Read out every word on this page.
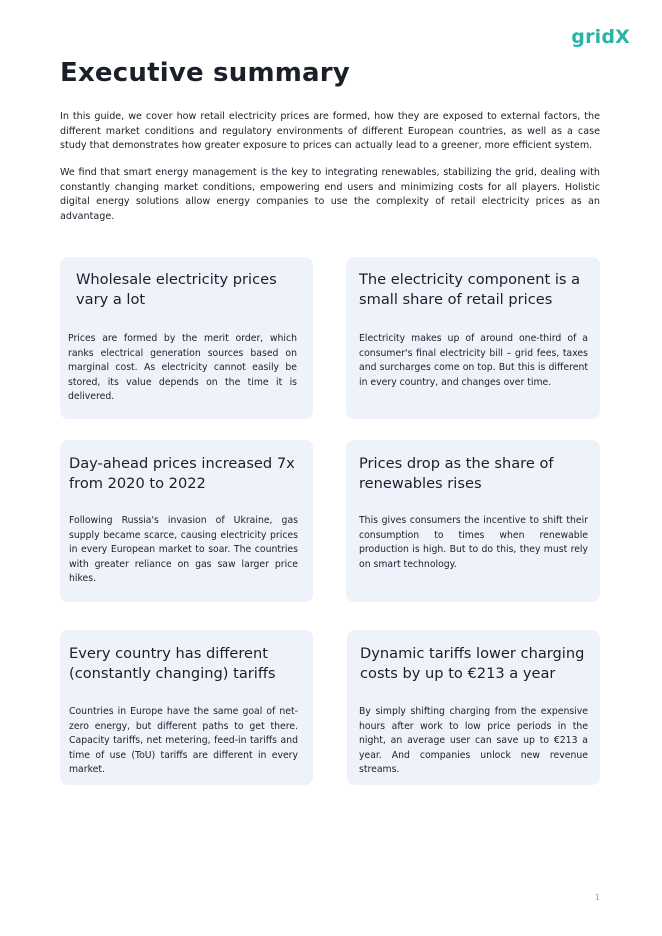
gridX
Executive summary

In this guide, we cover how retail electricity prices are formed, how they are exposed to external factors, the different market conditions and regulatory environments of different European countries, as well as a case study that demonstrates how greater exposure to prices can actually lead to a greener, more efficient system.

We find that smart energy management is the key to integrating renewables, stabilizing the grid, dealing with constantly changing market conditions, empowering end users and minimizing costs for all players. Holistic digital energy solutions allow energy companies to use the complexity of retail electricity prices as an advantage.

Wholesale electricity prices vary a lot

Prices are formed by the merit order, which ranks electrical generation sources based on marginal cost. As electricity cannot easily be stored, its value depends on the time it is delivered.

The electricity component is a small share of retail prices

Electricity makes up of around one-third of a consumer's final electricity bill – grid fees, taxes and surcharges come on top. But this is different in every country, and changes over time.

Day-ahead prices increased 7x from 2020 to 2022

Following Russia's invasion of Ukraine, gas supply became scarce, causing electricity prices in every European market to soar. The countries with greater reliance on gas saw larger price hikes.

Prices drop as the share of renewables rises

This gives consumers the incentive to shift their consumption to times when renewable production is high. But to do this, they must rely on smart technology.

Every country has different (constantly changing) tariffs

Countries in Europe have the same goal of net-zero energy, but different paths to get there. Capacity tariffs, net metering, feed-in tariffs and time of use (ToU) tariffs are different in every market.

Dynamic tariffs lower charging costs by up to €213 a year

By simply shifting charging from the expensive hours after work to low price periods in the night, an average user can save up to €213 a year. And companies unlock new revenue streams.

1
